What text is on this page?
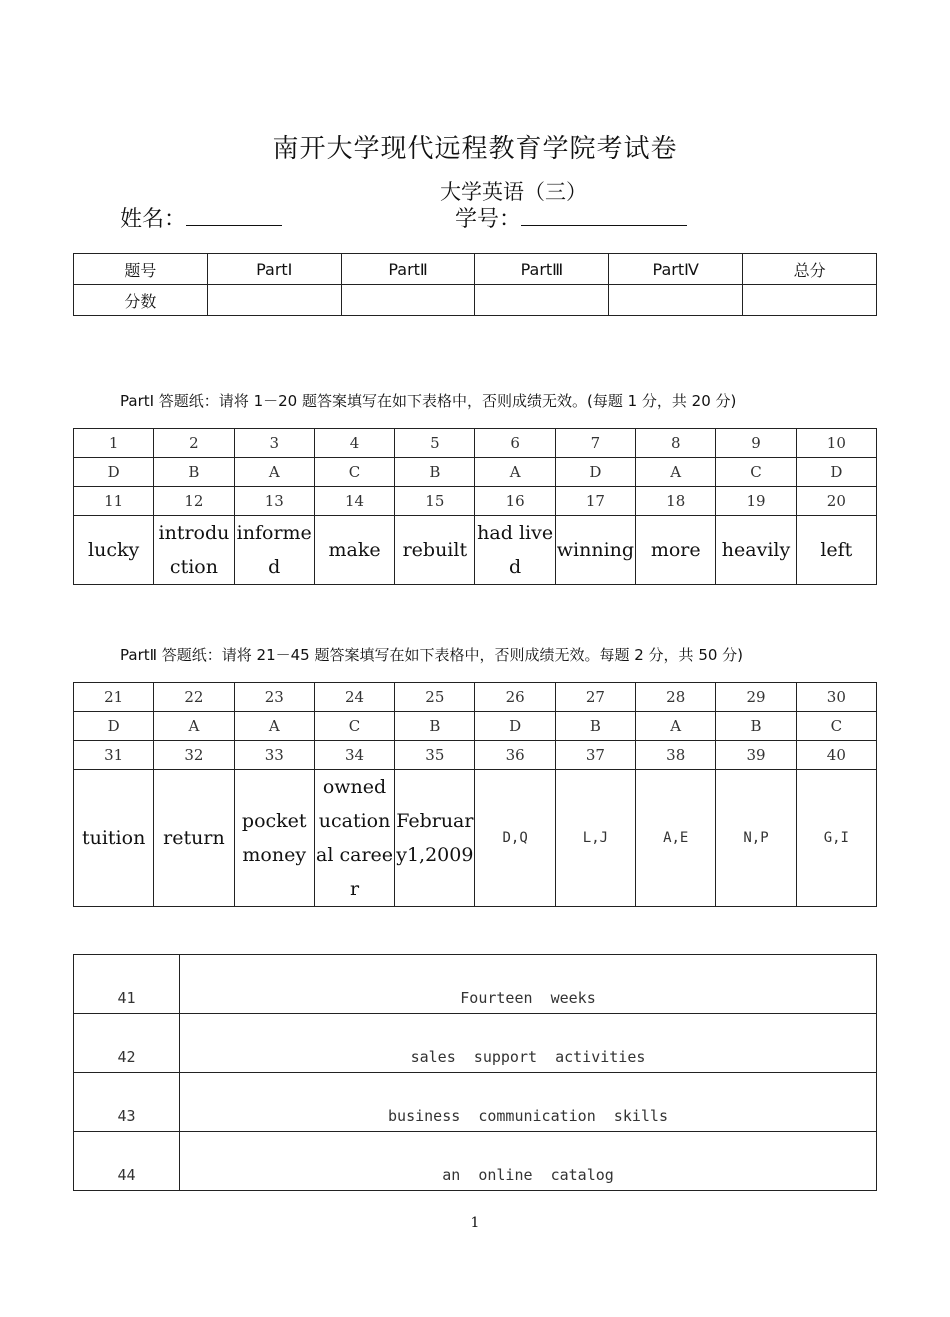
南开大学现代远程教育学院考试卷
大学英语（三）
姓名：	学号：
题号	PartⅠ	PartⅡ	PartⅢ	PartⅣ	总分
分数					
PartⅠ 答题纸：请将 1－20 题答案填写在如下表格中，否则成绩无效。(每题 1 分，共 20 分)
1	2	3	4	5	6	7	8	9	10
D	B	A	C	B	A	D	A	C	D
11	12	13	14	15	16	17	18	19	20
lucky	introduction	informed	make	rebuilt	had lived	winning	more	heavily	left
PartⅡ 答题纸：请将 21－45 题答案填写在如下表格中，否则成绩无效。每题 2 分，共 50 分)
21	22	23	24	25	26	27	28	29	30
D	A	A	C	B	D	B	A	B	C
31	32	33	34	35	36	37	38	39	40
tuition	return	pocket money	owned ucational career	February1,2009	D,Q	L,J	A,E	N,P	G,I
41	Fourteen  weeks
42	sales  support  activities
43	business  communication  skills
44	an  online  catalog
1
